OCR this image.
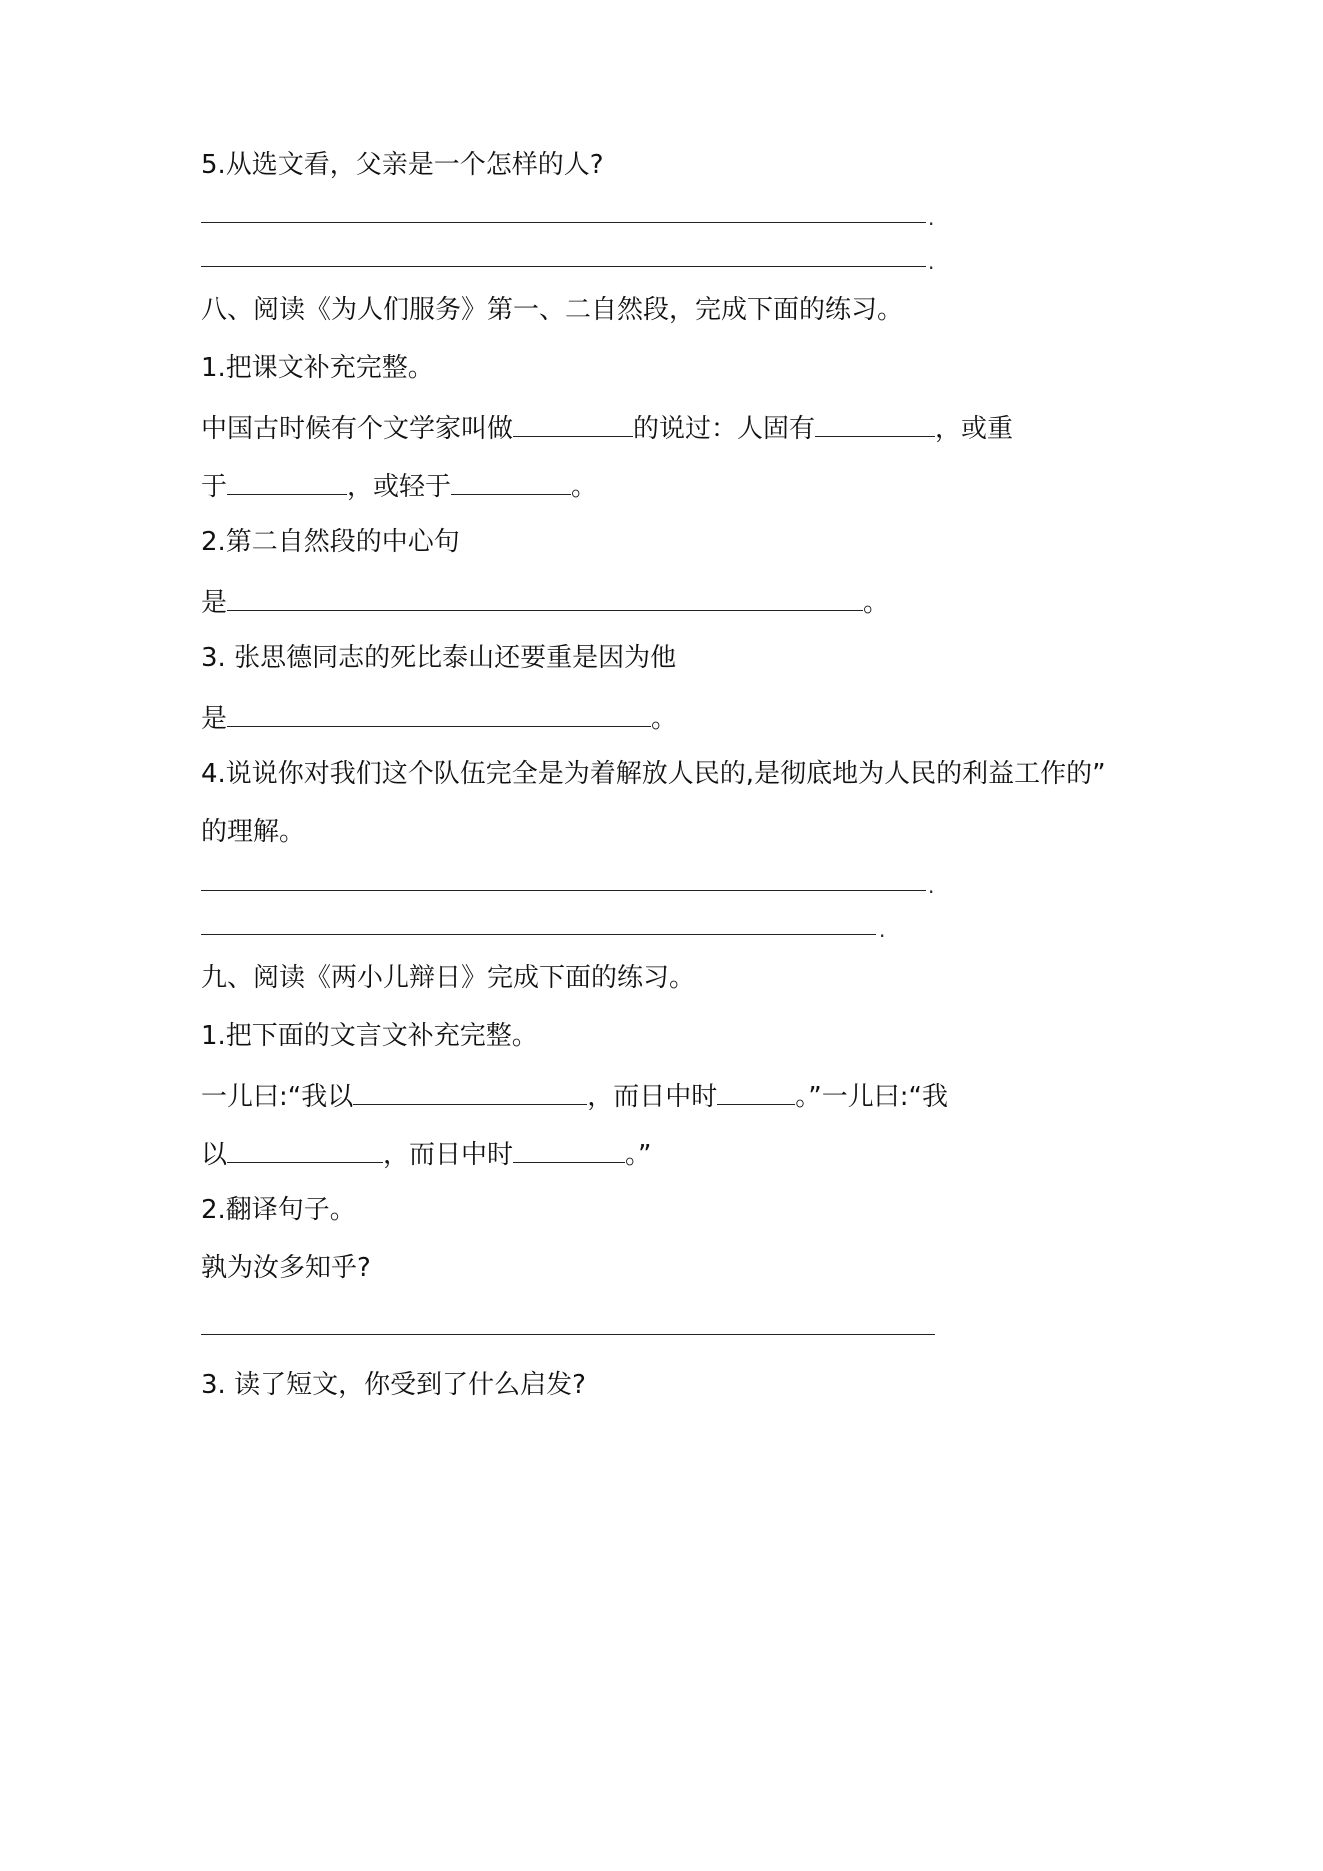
5.从选文看，父亲是一个怎样的人?
.
.
八、阅读《为人们服务》第一、二自然段，完成下面的练习。
1.把课文补充完整。
中国古时候有个文学家叫做	的说过：人固有	，或重
于	，或轻于	。
2.第二自然段的中心句
是	。
3. 张思德同志的死比泰山还要重是因为他
是	。
4.说说你对我们这个队伍完全是为着解放人民的,是彻底地为人民的利益工作的”
的理解。
.
.
九、阅读《两小儿辩日》完成下面的练习。
1.把下面的文言文补充完整。
一儿曰:“我以	，而日中时	。”一儿曰:“我
以	，而日中时	。”
2.翻译句子。
孰为汝多知乎?
3. 读了短文，你受到了什么启发?
